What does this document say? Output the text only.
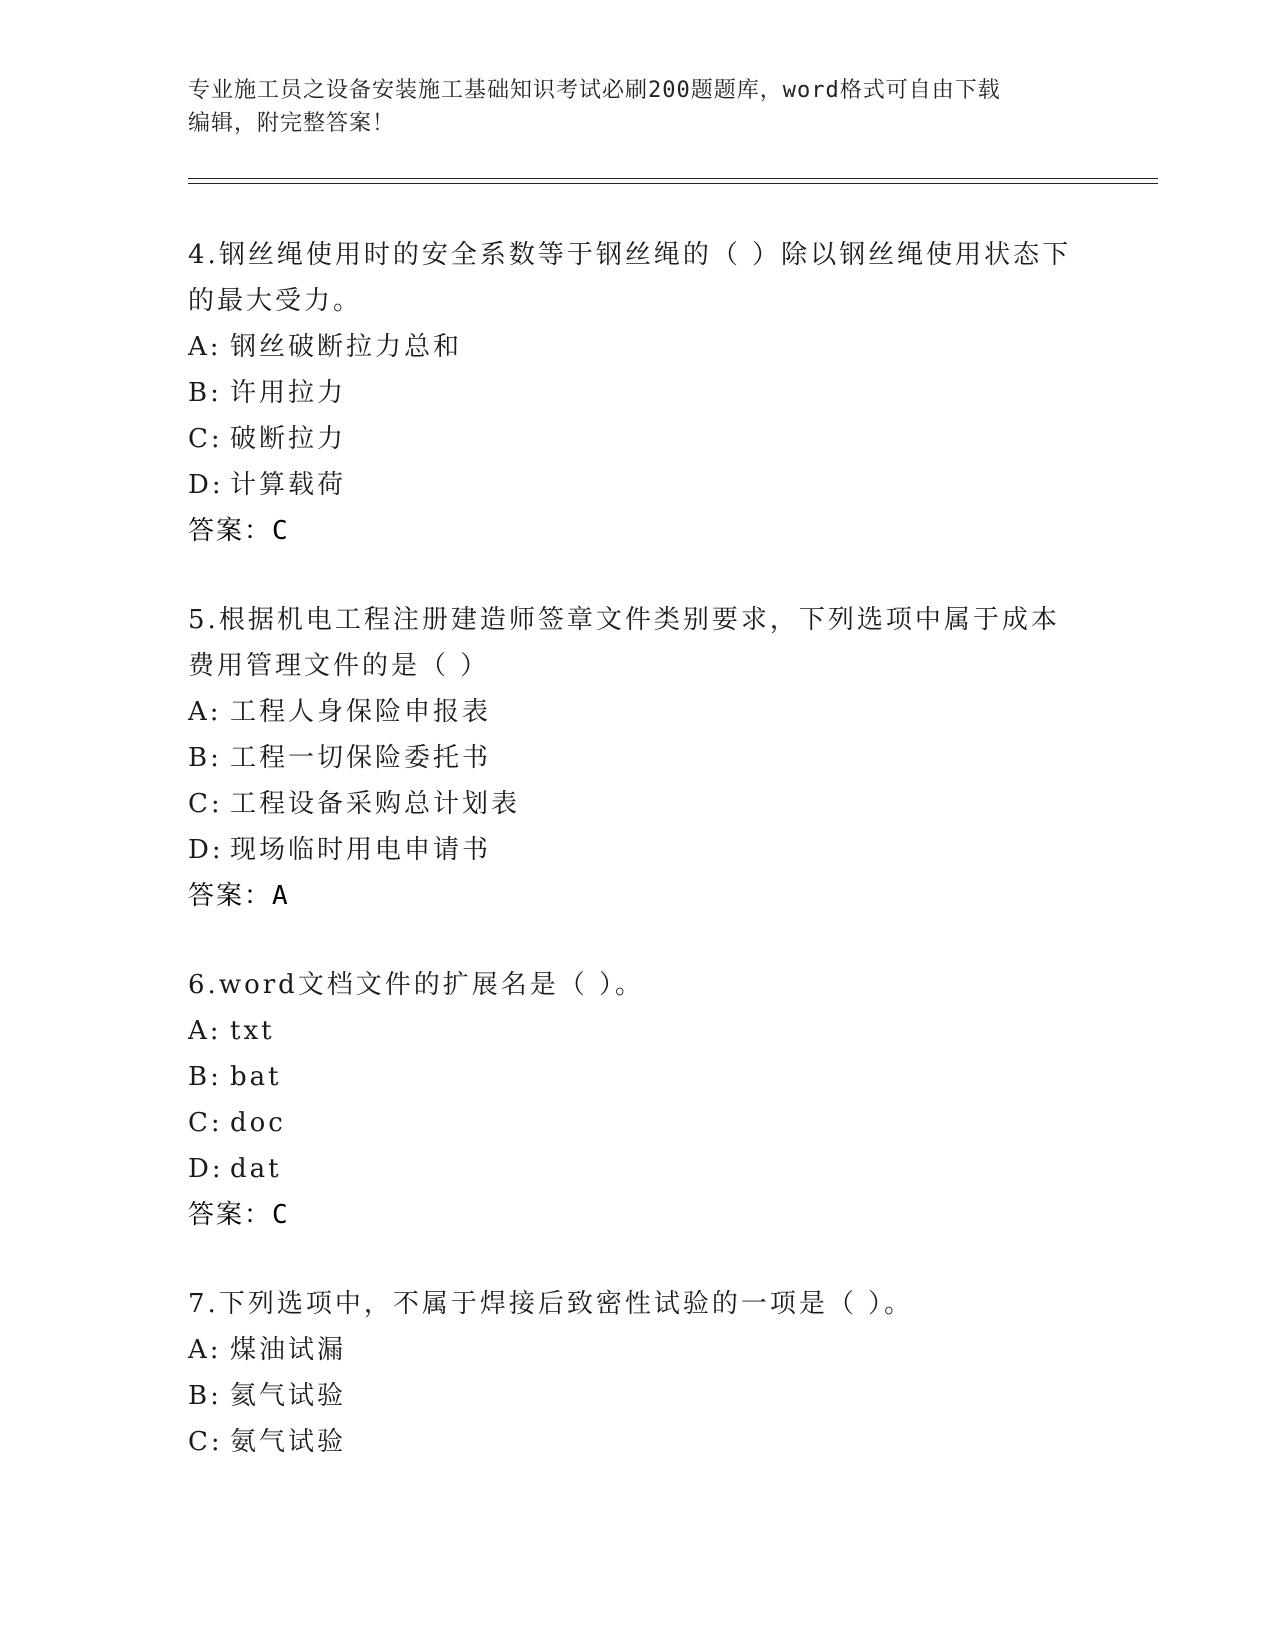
专业施工员之设备安装施工基础知识考试必刷200题题库，word格式可自由下载
编辑，附完整答案！
4.钢丝绳使用时的安全系数等于钢丝绳的（ ）除以钢丝绳使用状态下的最大受力。
A: 钢丝破断拉力总和
B: 许用拉力
C: 破断拉力
D: 计算载荷
答案：C
5.根据机电工程注册建造师签章文件类别要求，下列选项中属于成本费用管理文件的是（ ）
A: 工程人身保险申报表
B: 工程一切保险委托书
C: 工程设备采购总计划表
D: 现场临时用电申请书
答案：A
6.word文档文件的扩展名是（ ）。
A: txt
B: bat
C: doc
D: dat
答案：C
7.下列选项中，不属于焊接后致密性试验的一项是（ ）。
A: 煤油试漏
B: 氦气试验
C: 氨气试验
